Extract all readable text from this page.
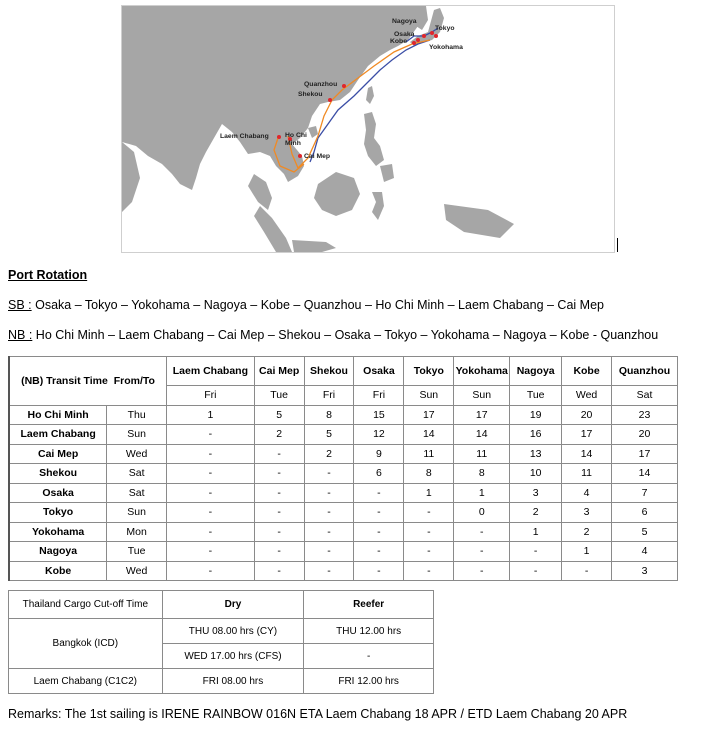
Nagoya
Tokyo
Osaka
Kobe
Yokohama
Quanzhou
Shekou
Laem Chabang Ho Chi
Minh
Cai Mep
Port Rotation
SB : Osaka – Tokyo – Yokohama – Nagoya – Kobe – Quanzhou – Ho Chi Minh – Laem Chabang – Cai Mep
NB : Ho Chi Minh – Laem Chabang – Cai Mep – Shekou – Osaka – Tokyo – Yokohama – Nagoya – Kobe - Quanzhou
(NB) Transit Time From/To		Laem Chabang	Cai Mep	Shekou	Osaka	Tokyo	Yokohama	Nagoya	Kobe	Quanzhou
		Fri	Tue	Fri	Fri	Sun	Sun	Tue	Wed	Sat
Ho Chi Minh	Thu	1	5	8	15	17	17	19	20	23
Laem Chabang	Sun	-	2	5	12	14	14	16	17	20
Cai Mep	Wed	-	-	2	9	11	11	13	14	17
Shekou	Sat	-	-	-	6	8	8	10	11	14
Osaka	Sat	-	-	-	-	1	1	3	4	7
Tokyo	Sun	-	-	-	-	-	0	2	3	6
Yokohama	Mon	-	-	-	-	-	-	1	2	5
Nagoya	Tue	-	-	-	-	-	-	-	1	4
Kobe	Wed	-	-	-	-	-	-	-	-	3
Thailand Cargo Cut-off Time	Dry	Reefer
Bangkok (ICD)	THU 08.00 hrs (CY)	THU 12.00 hrs
	WED 17.00 hrs (CFS)	-
Laem Chabang (C1C2)	FRI 08.00 hrs	FRI 12.00 hrs
Remarks: The 1st sailing is IRENE RAINBOW 016N ETA Laem Chabang 18 APR / ETD Laem Chabang 20 APR
